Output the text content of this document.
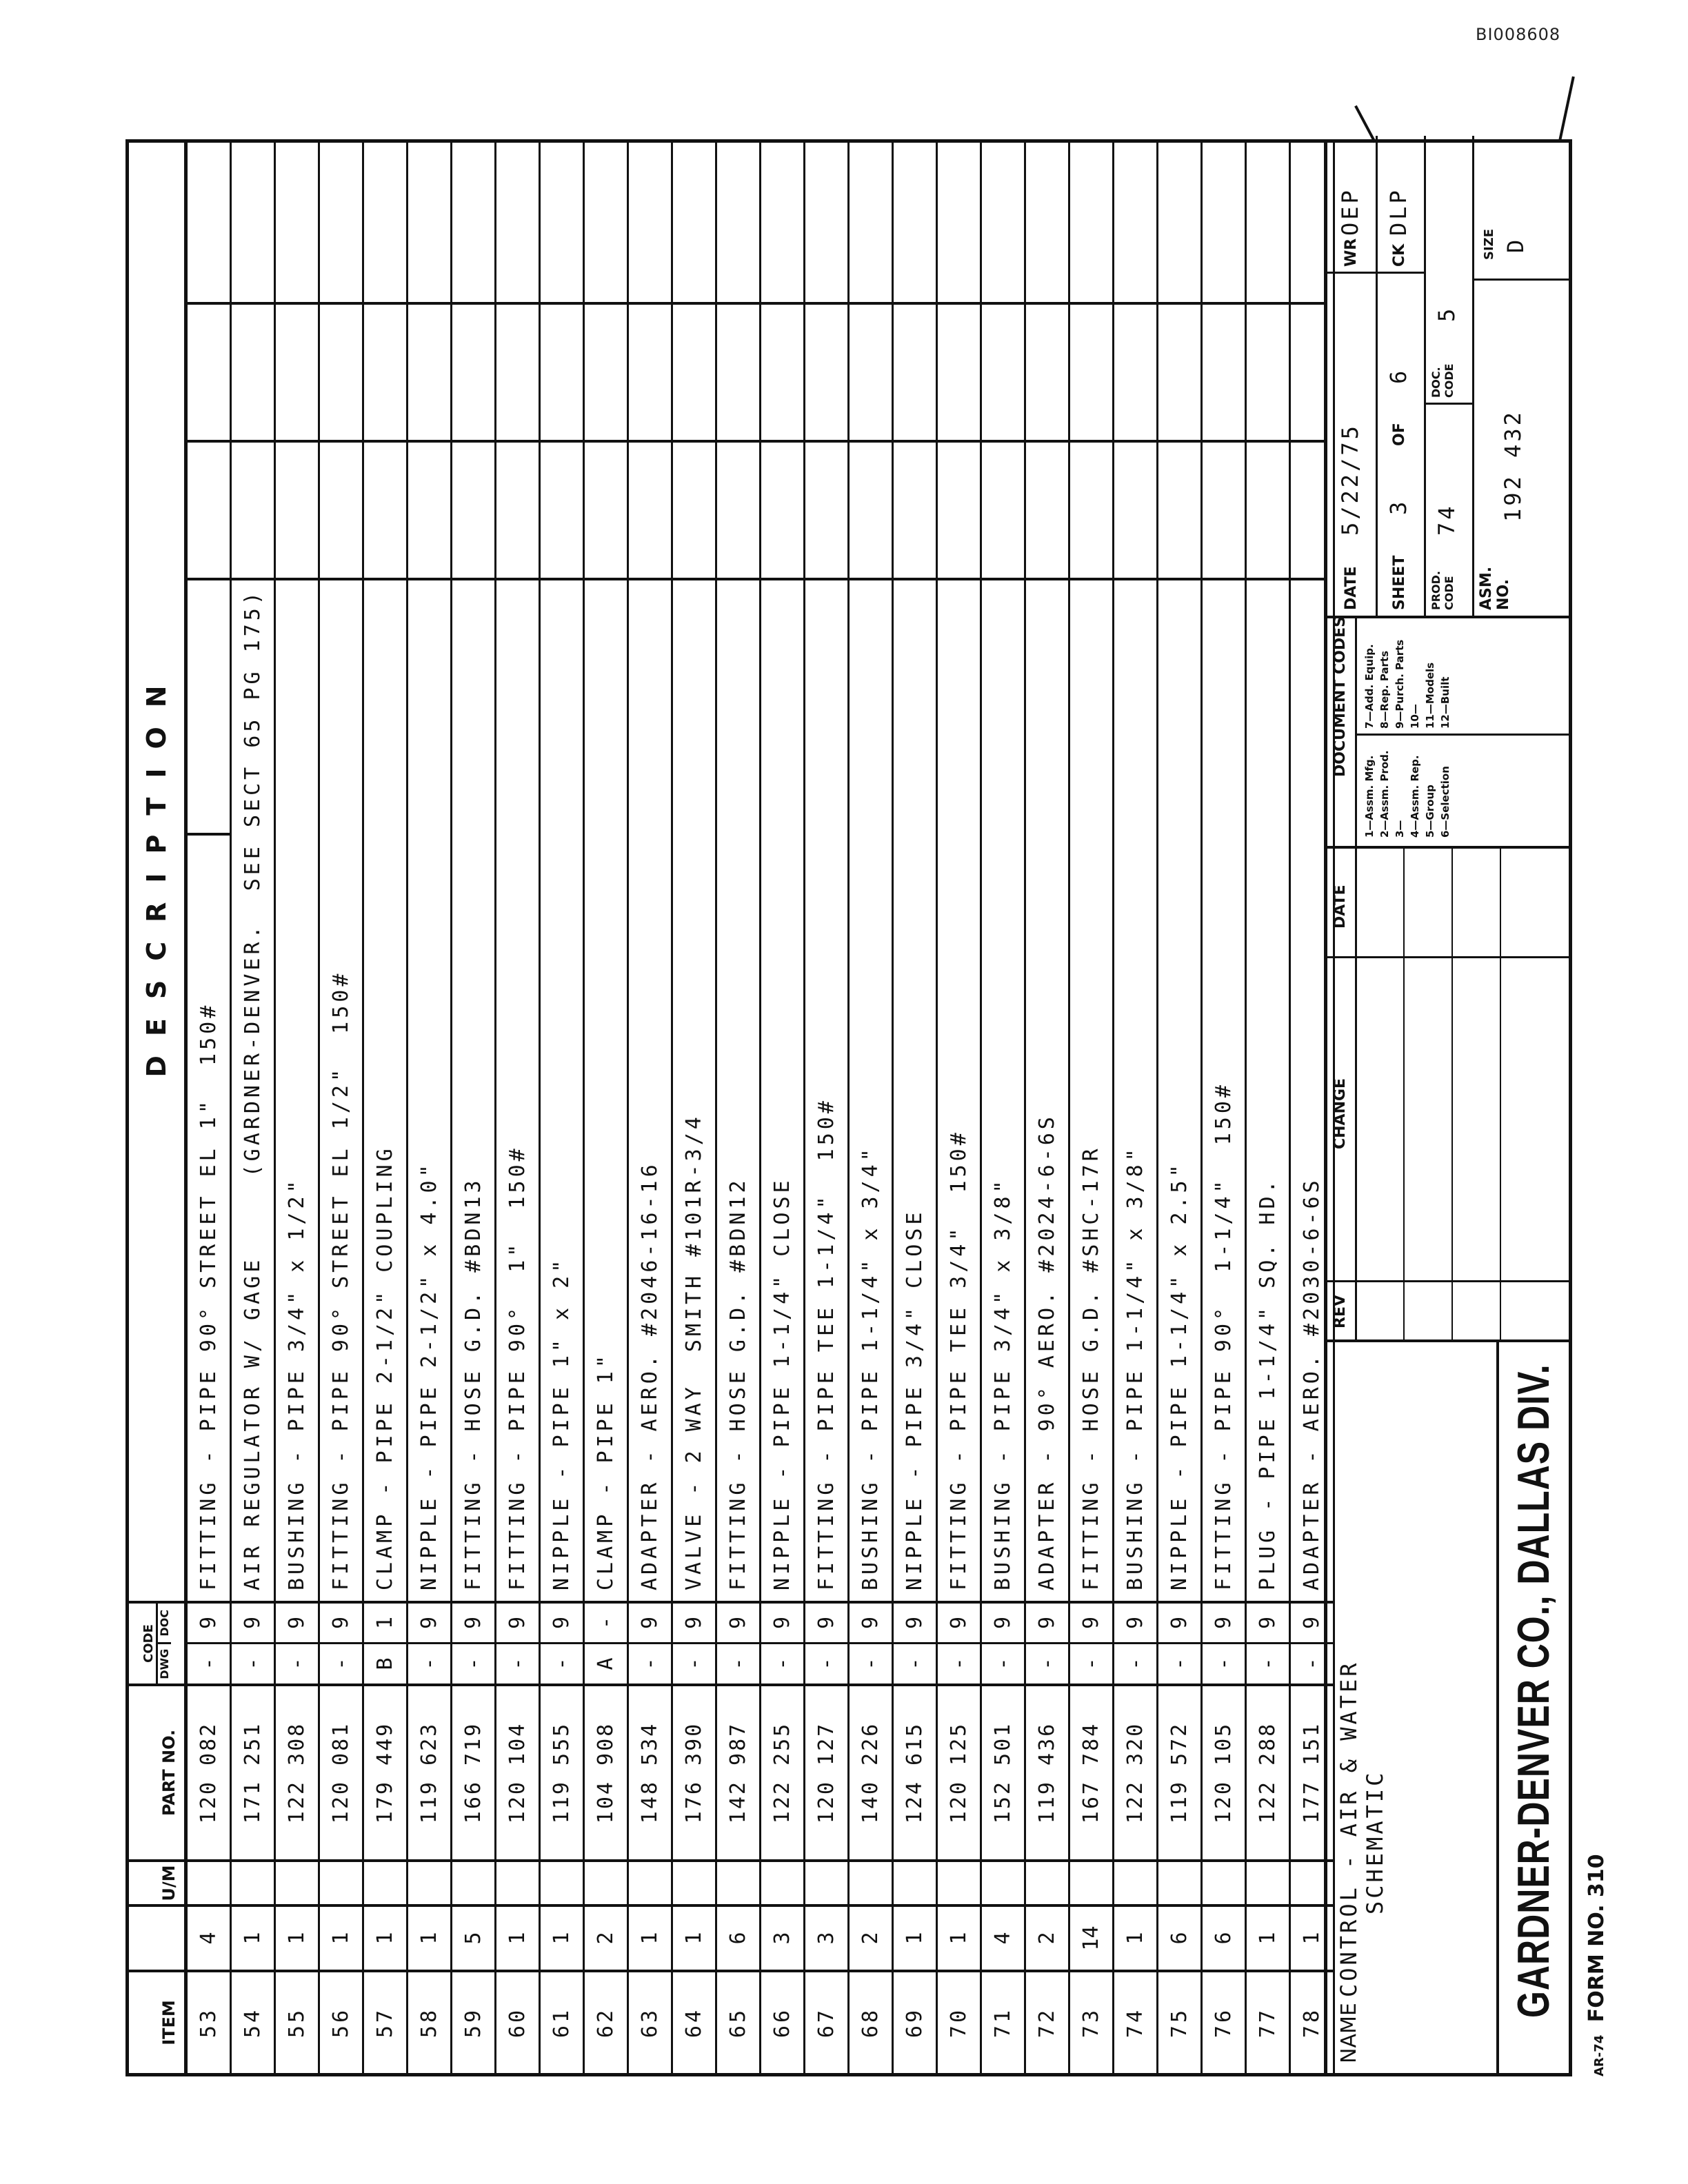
BI008608
ITEM
U/M
PART NO.
CODE
DWG
DOC
DESCRIPTION
53
4
120 082
-
9
FITTING - PIPE 90° STREET EL 1"  150#
54
1
171 251
-
9
AIR REGULATOR W/ GAGE     (GARDNER-DENVER.  SEE SECT 65 PG 175)
55
1
122 308
-
9
BUSHING - PIPE 3/4" x 1/2"
56
1
120 081
-
9
FITTING - PIPE 90° STREET EL 1/2"  150#
57
1
179 449
B
1
CLAMP - PIPE 2-1/2" COUPLING
58
1
119 623
-
9
NIPPLE - PIPE 2-1/2" x 4.0"
59
5
166 719
-
9
FITTING - HOSE G.D. #BDN13
60
1
120 104
-
9
FITTING - PIPE 90°  1"  150#
61
1
119 555
-
9
NIPPLE - PIPE 1" x 2"
62
2
104 908
A
-
CLAMP - PIPE 1"
63
1
148 534
-
9
ADAPTER - AERO. #2046-16-16
64
1
176 390
-
9
VALVE - 2 WAY  SMITH #101R-3/4
65
6
142 987
-
9
FITTING - HOSE G.D. #BDN12
66
3
122 255
-
9
NIPPLE - PIPE 1-1/4" CLOSE
67
3
120 127
-
9
FITTING - PIPE TEE 1-1/4"  150#
68
2
140 226
-
9
BUSHING - PIPE 1-1/4" x 3/4"
69
1
124 615
-
9
NIPPLE - PIPE 3/4" CLOSE
70
1
120 125
-
9
FITTING - PIPE TEE 3/4"  150#
71
4
152 501
-
9
BUSHING - PIPE 3/4" x 3/8"
72
2
119 436
-
9
ADAPTER - 90° AERO. #2024-6-6S
73
14
167 784
-
9
FITTING - HOSE G.D. #SHC-17R
74
1
122 320
-
9
BUSHING - PIPE 1-1/4" x 3/8"
75
6
119 572
-
9
NIPPLE - PIPE 1-1/4" x 2.5"
76
6
120 105
-
9
FITTING - PIPE 90°  1-1/4"  150#
77
1
122 288
-
9
PLUG - PIPE 1-1/4" SQ. HD.
78
1
177 151
-
9
ADAPTER - AERO. #2030-6-6S
NAME
CONTROL - AIR & WATER SCHEMATIC	GARDNER-DENVER CO., DALLAS DIV.
REV
CHANGE
DATE
DOCUMENT CODES
1—Assm. Mfg.
2—Assm. Prod.
3—
4—Assm. Rep.
5—Group
6—Selection
7—Add. Equip.
8—Rep. Parts
9—Purch. Parts
10—
11—Models
12—Built
DATE
5/22/75
WR
OEP
SHEET
3
OF
6
CK
DLP
PROD. CODE
74
DOC. CODE
5
ASM. NO.
192 432
SIZE D
AR-74 FORM NO. 310
